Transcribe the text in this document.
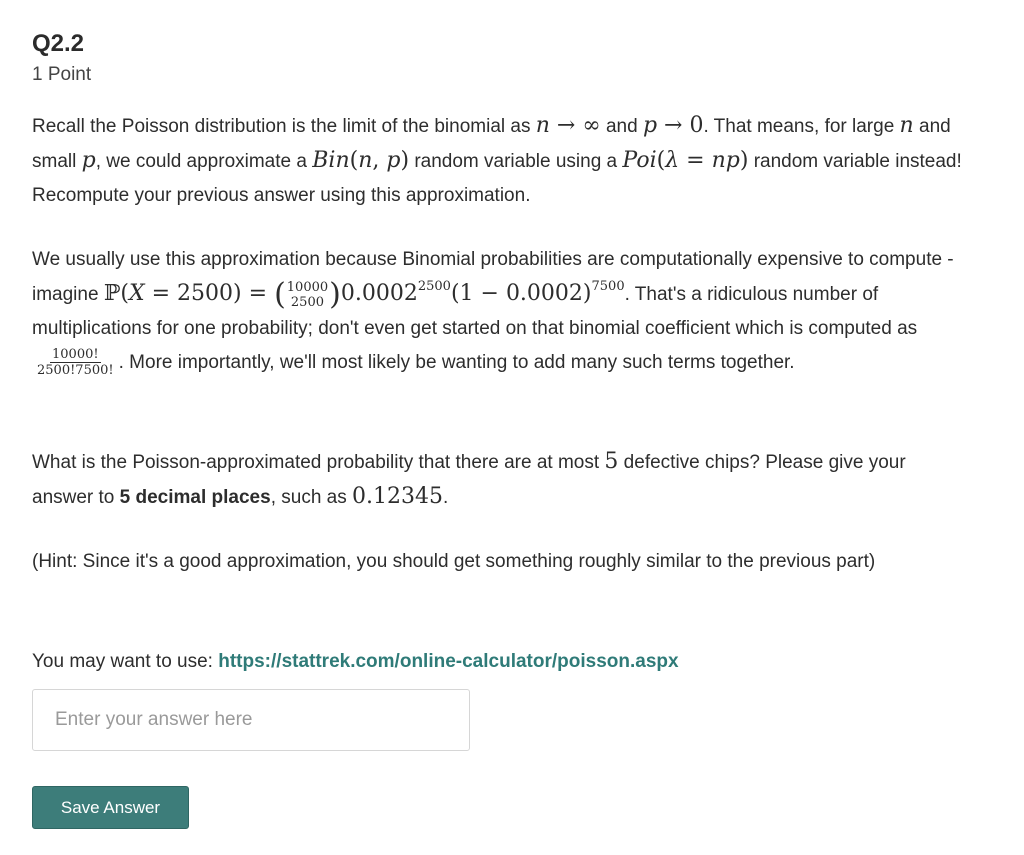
Q2.2
1 Point
Recall the Poisson distribution is the limit of the binomial as n → ∞ and p → 0. That means, for large n and small p, we could approximate a Bin(n, p) random variable using a Poi(λ = np) random variable instead! Recompute your previous answer using this approximation.
We usually use this approximation because Binomial probabilities are computationally expensive to compute - imagine ℙ(X = 2500) = ( 10000
2500 ) $0.0002^{2500}(1 - 0.0002)^{7500}$. That's a ridiculous number of multiplications for one probability; don't even get started on that binomial coefficient which is computed as
$\frac{10000!}{2500!7500!}$ . More importantly, we'll most likely be wanting to add many such terms together.
What is the Poisson-approximated probability that there are at most 5 defective chips? Please give your answer to 5 decimal places, such as 0.12345.
(Hint: Since it's a good approximation, you should get something roughly similar to the previous part)
You may want to use: https://stattrek.com/online-calculator/poisson.aspx
Enter your answer here
Save Answer
